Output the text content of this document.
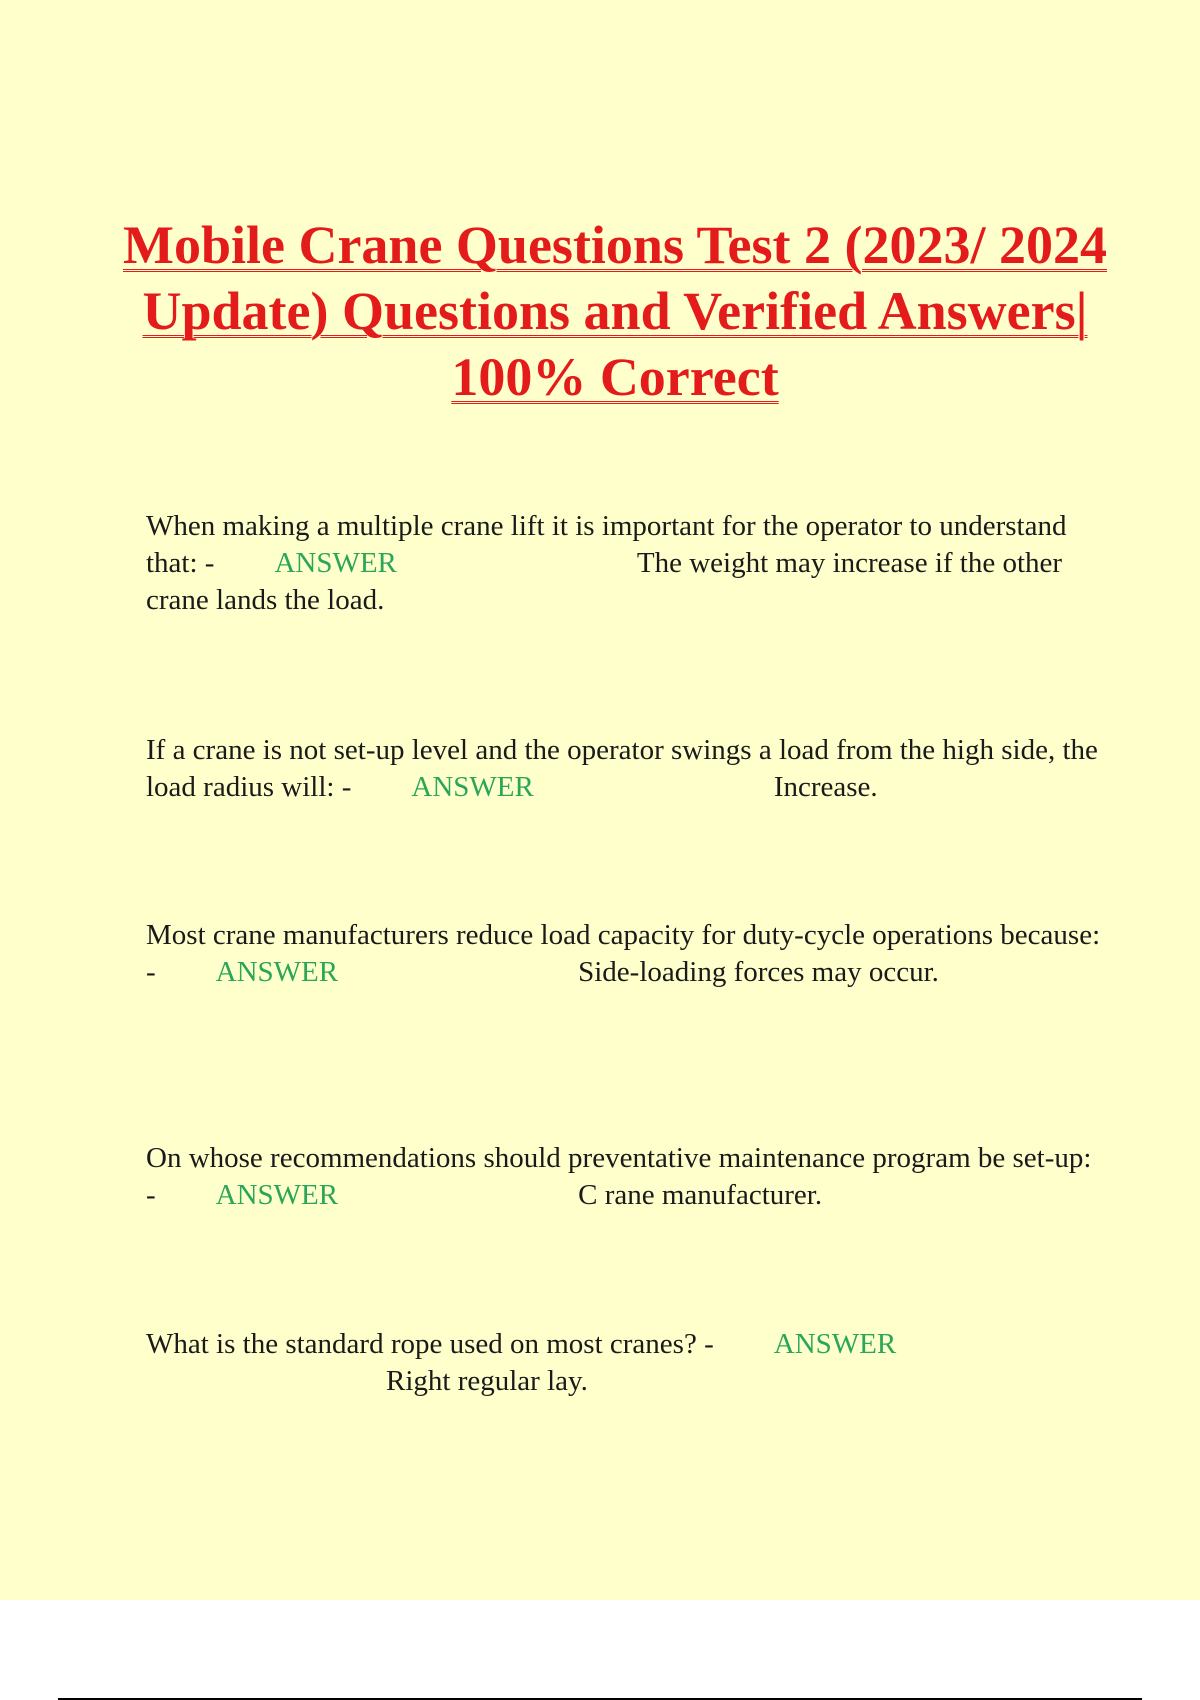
Mobile Crane Questions Test 2 (2023/ 2024 Update) Questions and Verified Answers| 100% Correct

When making a multiple crane lift it is important for the operator to understand that: - ANSWER	The weight may increase if the other crane lands the load.

If a crane is not set-up level and the operator swings a load from the high side, the load radius will: - ANSWER	Increase.

Most crane manufacturers reduce load capacity for duty-cycle operations because: - ANSWER	Side-loading forces may occur.

On whose recommendations should preventative maintenance program be set-up: - ANSWER	C rane manufacturer.

What is the standard rope used on most cranes? - ANSWERRight regular lay.
